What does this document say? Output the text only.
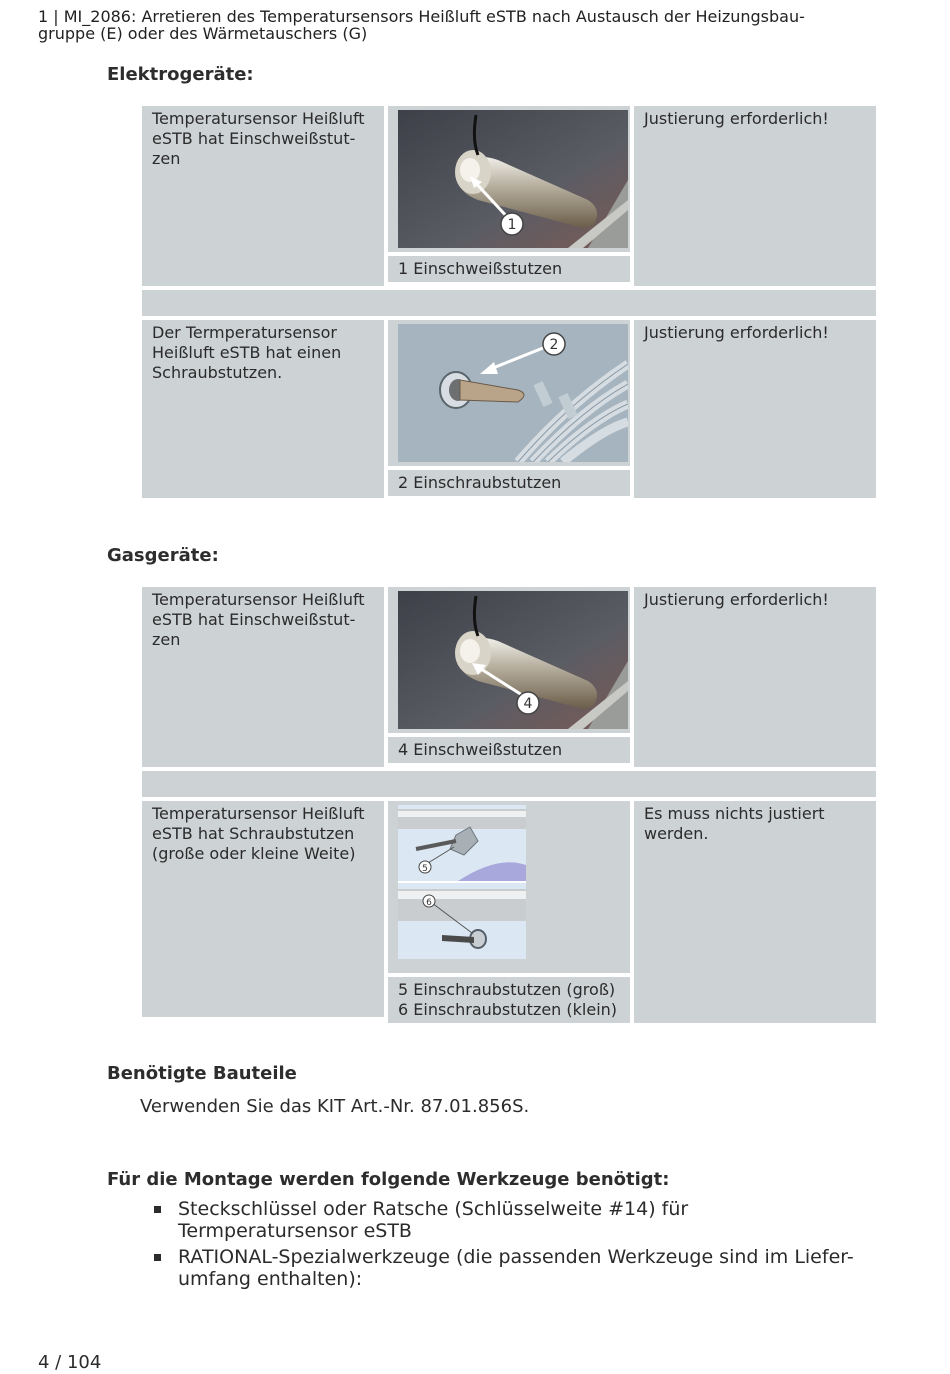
1 | MI_2086: Arretieren des Temperatursensors Heißluft eSTB nach Austausch der Heizungsbau-gruppe (E) oder des Wärmetauschers (G)
Elektrogeräte:
Temperatursensor Heißluft eSTB hat Einschweißstut-zen
1
1 Einschweißstutzen
Justierung erforderlich!
Der Termperatursensor Heißluft eSTB hat einen Schraubstutzen.
2
2 Einschraubstutzen
Justierung erforderlich!
Gasgeräte:
Temperatursensor Heißluft eSTB hat Einschweißstut-zen
4
4 Einschweißstutzen
Justierung erforderlich!
Temperatursensor Heißluft eSTB hat Schraubstutzen (große oder kleine Weite)
5
6
5 Einschraubstutzen (groß)
6 Einschraubstutzen (klein)
Es muss nichts justiert werden.
Benötigte Bauteile
Verwenden Sie das KIT Art.-Nr. 87.01.856S.
Für die Montage werden folgende Werkzeuge benötigt:
Steckschlüssel oder Ratsche (Schlüsselweite #14) für Termperatursensor eSTB
RATIONAL-Spezialwerkzeuge (die passenden Werkzeuge sind im Liefer-umfang enthalten):
4 / 104
